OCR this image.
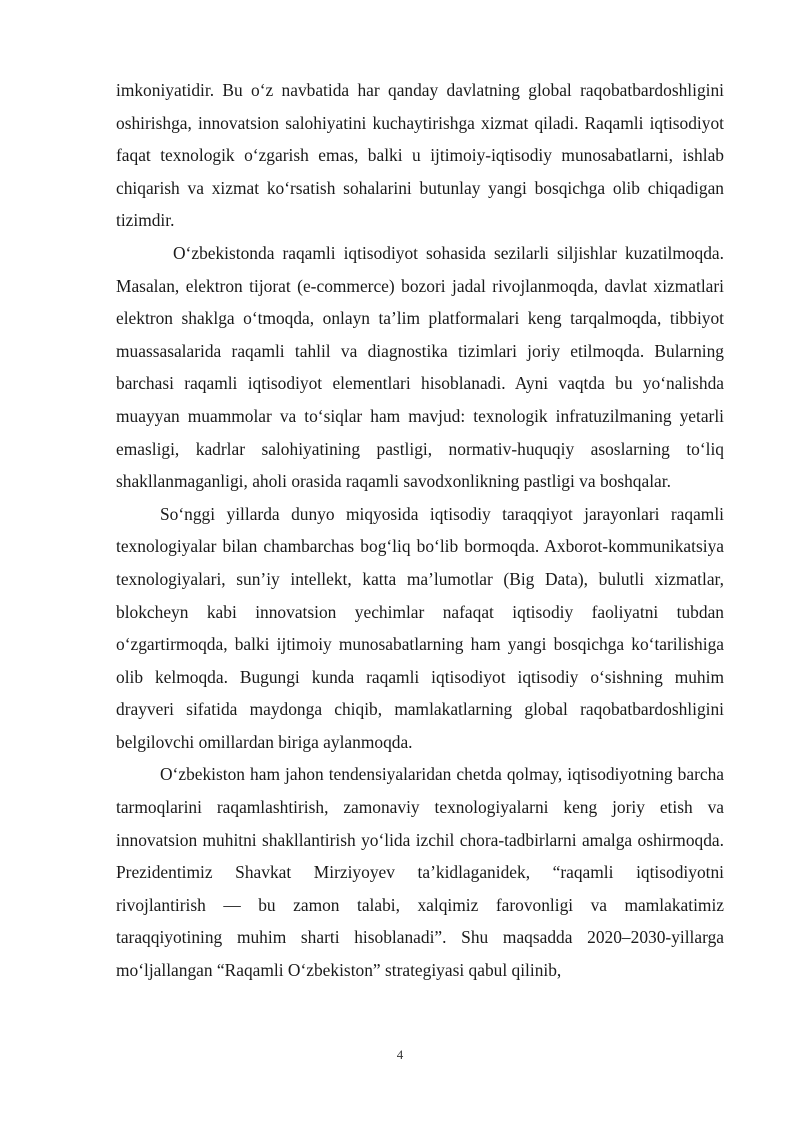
imkoniyatidir. Bu o‘z navbatida har qanday davlatning global raqobatbardoshligini oshirishga, innovatsion salohiyatini kuchaytirishga xizmat qiladi. Raqamli iqtisodiyot faqat texnologik o‘zgarish emas, balki u ijtimoiy-iqtisodiy munosabatlarni, ishlab chiqarish va xizmat ko‘rsatish sohalarini butunlay yangi bosqichga olib chiqadigan tizimdir.

O‘zbekistonda raqamli iqtisodiyot sohasida sezilarli siljishlar kuzatilmoqda. Masalan, elektron tijorat (e-commerce) bozori jadal rivojlanmoqda, davlat xizmatlari elektron shaklga o‘tmoqda, onlayn ta’lim platformalari keng tarqalmoqda, tibbiyot muassasalarida raqamli tahlil va diagnostika tizimlari joriy etilmoqda. Bularning barchasi raqamli iqtisodiyot elementlari hisoblanadi. Ayni vaqtda bu yo‘nalishda muayyan muammolar va to‘siqlar ham mavjud: texnologik infratuzilmaning yetarli emasligi, kadrlar salohiyatining pastligi, normativ-huquqiy asoslarning to‘liq shakllanmaganligi, aholi orasida raqamli savodxonlikning pastligi va boshqalar.

So‘nggi yillarda dunyo miqyosida iqtisodiy taraqqiyot jarayonlari raqamli texnologiyalar bilan chambarchas bog‘liq bo‘lib bormoqda. Axborot-kommunikatsiya texnologiyalari, sun’iy intellekt, katta ma’lumotlar (Big Data), bulutli xizmatlar, blokcheyn kabi innovatsion yechimlar nafaqat iqtisodiy faoliyatni tubdan o‘zgartirmoqda, balki ijtimoiy munosabatlarning ham yangi bosqichga ko‘tarilishiga olib kelmoqda. Bugungi kunda raqamli iqtisodiyot iqtisodiy o‘sishning muhim drayveri sifatida maydonga chiqib, mamlakatlarning global raqobatbardoshligini belgilovchi omillardan biriga aylanmoqda.

O‘zbekiston ham jahon tendensiyalaridan chetda qolmay, iqtisodiyotning barcha tarmoqlarini raqamlashtirish, zamonaviy texnologiyalarni keng joriy etish va innovatsion muhitni shakllantirish yo‘lida izchil chora-tadbirlarni amalga oshirmoqda. Prezidentimiz Shavkat Mirziyoyev ta’kidlaganidek, “raqamli iqtisodiyotni rivojlantirish — bu zamon talabi, xalqimiz farovonligi va mamlakatimiz taraqqiyotining muhim sharti hisoblanadi”. Shu maqsadda 2020–2030-yillarga mo‘ljallangan “Raqamli O‘zbekiston” strategiyasi qabul qilinib,

4
